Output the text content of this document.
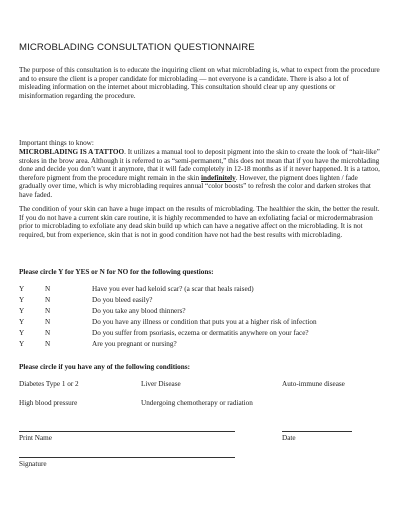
MICROBLADING CONSULTATION QUESTIONNAIRE

The purpose of this consultation is to educate the inquiring client on what microblading is, what to expect from the procedure and to ensure the client is a proper candidate for microblading — not everyone is a candidate. There is also a lot of misleading information on the internet about microblading. This consultation should clear up any questions or misinformation regarding the procedure.

Important things to know:

MICROBLADING IS A TATTOO. It utilizes a manual tool to deposit pigment into the skin to create the look of “hair-like” strokes in the brow area. Although it is referred to as “semi-permanent,” this does not mean that if you have the microblading done and decide you don’t want it anymore, that it will fade completely in 12-18 months as if it never happened. It is a tattoo, therefore pigment from the procedure might remain in the skin indefinitely. However, the pigment does lighten / fade gradually over time, which is why microblading requires annual “color boosts” to refresh the color and darken strokes that have faded.

The condition of your skin can have a huge impact on the results of microblading. The healthier the skin, the better the result. If you do not have a current skin care routine, it is highly recommended to have an exfoliating facial or microdermabrasion prior to microblading to exfoliate any dead skin build up which can have a negative affect on the microblading. It is not required, but from experience, skin that is not in good condition have not had the best results with microblading.

Please circle Y for YES or N for NO for the following questions:
Y	N	Have you ever had keloid scar? (a scar that heals raised)
Y	N	Do you bleed easily?
Y	N	Do you take any blood thinners?
Y	N	Do you have any illness or condition that puts you at a higher risk of infection
Y	N	Do you suffer from psoriasis, eczema or dermatitis anywhere on your face?
Y	N	Are you pregnant or nursing?
Please circle if you have any of the following conditions:
Diabetes Type 1 or 2	Liver Disease	Auto-immune disease
High blood pressure	Undergoing chemotherapy or radiation
Print Name	Date
Signature
